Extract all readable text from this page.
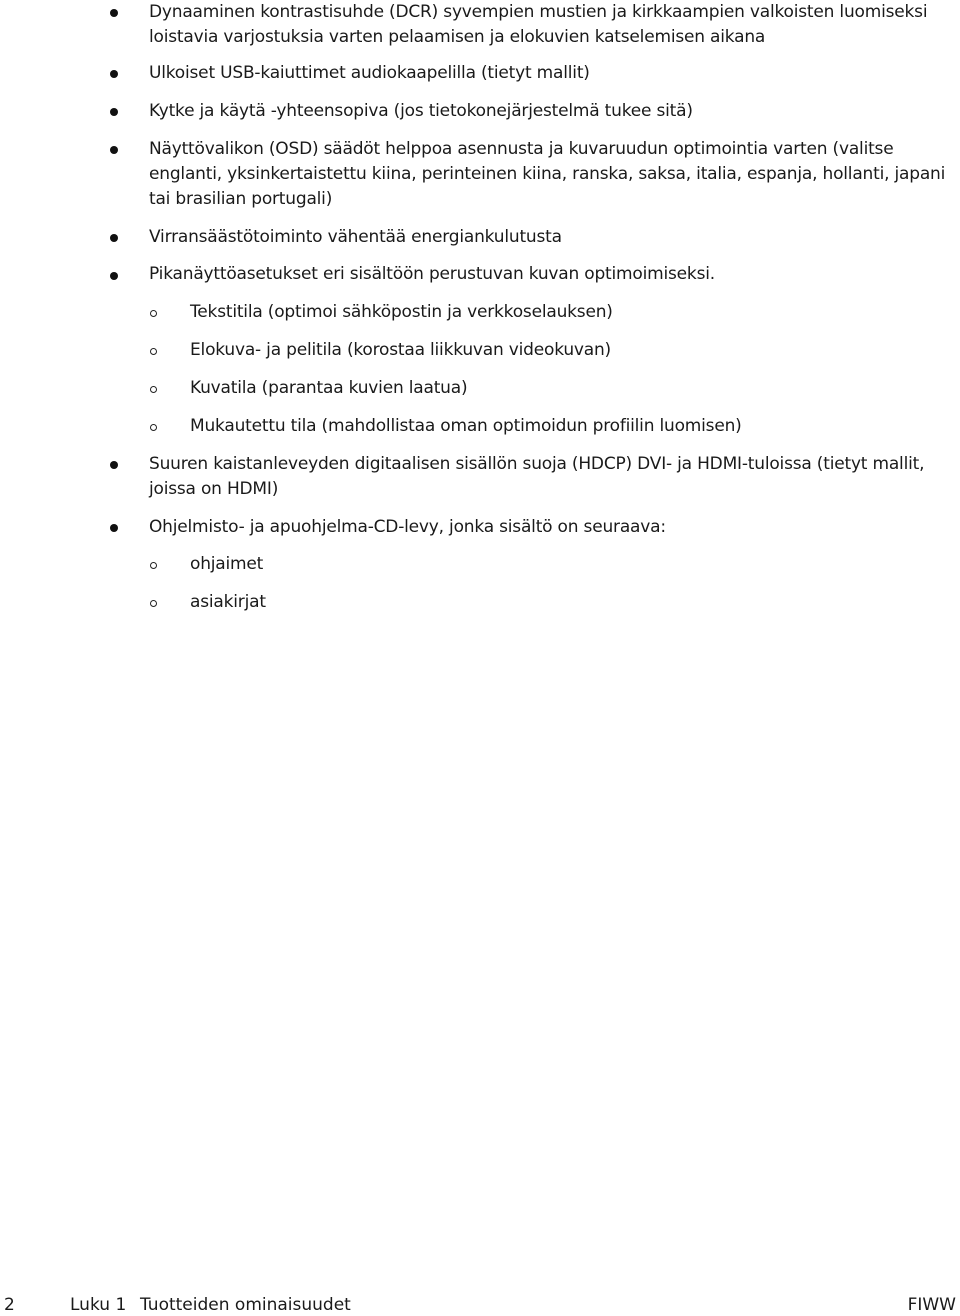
Dynaaminen kontrastisuhde (DCR) syvempien mustien ja kirkkaampien valkoisten luomiseksi loistavia varjostuksia varten pelaamisen ja elokuvien katselemisen aikana
Ulkoiset USB-kaiuttimet audiokaapelilla (tietyt mallit)
Kytke ja käytä -yhteensopiva (jos tietokonejärjestelmä tukee sitä)
Näyttövalikon (OSD) säädöt helppoa asennusta ja kuvaruudun optimointia varten (valitse englanti, yksinkertaistettu kiina, perinteinen kiina, ranska, saksa, italia, espanja, hollanti, japani tai brasilian portugali)
Virransäästötoiminto vähentää energiankulutusta
Pikanäyttöasetukset eri sisältöön perustuvan kuvan optimoimiseksi.
Tekstitila (optimoi sähköpostin ja verkkoselauksen)
Elokuva- ja pelitila (korostaa liikkuvan videokuvan)
Kuvatila (parantaa kuvien laatua)
Mukautettu tila (mahdollistaa oman optimoidun profiilin luomisen)
Suuren kaistanleveyden digitaalisen sisällön suoja (HDCP) DVI- ja HDMI-tuloissa (tietyt mallit, joissa on HDMI)
Ohjelmisto- ja apuohjelma-CD-levy, jonka sisältö on seuraava:
ohjaimet
asiakirjat
2	Luku 1 Tuotteiden ominaisuudet	FIWW
